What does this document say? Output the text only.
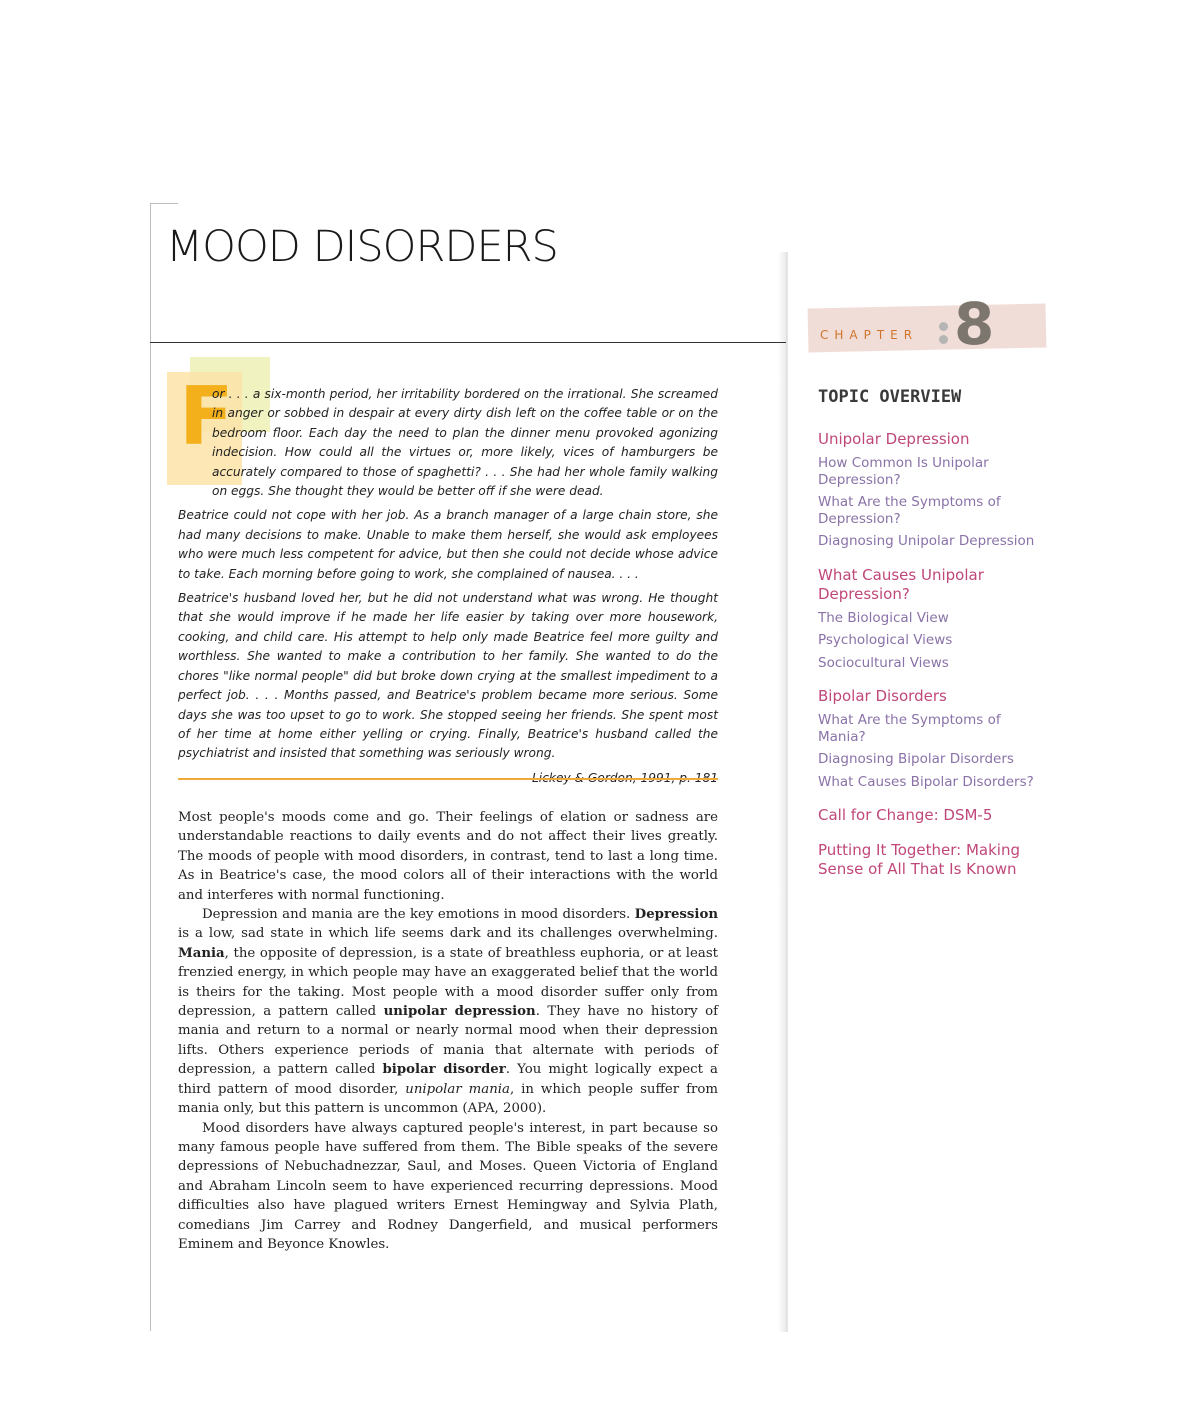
MOOD DISORDERS
F

or . . . a six-month period, her irritability bordered on the irrational. She screamed in anger or sobbed in despair at every dirty dish left on the coffee table or on the bedroom floor. Each day the need to plan the dinner menu provoked agonizing indecision. How could all the virtues or, more likely, vices of hamburgers be accurately compared to those of spaghetti? . . . She had her whole family walking on eggs. She thought they would be better off if she were dead.

Beatrice could not cope with her job. As a branch manager of a large chain store, she had many decisions to make. Unable to make them herself, she would ask employees who were much less competent for advice, but then she could not decide whose advice to take. Each morning before going to work, she complained of nausea. . . .

Beatrice's husband loved her, but he did not understand what was wrong. He thought that she would improve if he made her life easier by taking over more housework, cooking, and child care. His attempt to help only made Beatrice feel more guilty and worthless. She wanted to make a contribution to her family. She wanted to do the chores "like normal people" did but broke down crying at the smallest impediment to a perfect job. . . . Months passed, and Beatrice's problem became more serious. Some days she was too upset to go to work. She stopped seeing her friends. She spent most of her time at home either yelling or crying. Finally, Beatrice's husband called the psychiatrist and insisted that something was seriously wrong.

Most people's moods come and go. Their feelings of elation or sadness are understandable reactions to daily events and do not affect their lives greatly. The moods of people with mood disorders, in contrast, tend to last a long time. As in Beatrice's case, the mood colors all of their interactions with the world and interferes with normal functioning.

Depression and mania are the key emotions in mood disorders. Depression is a low, sad state in which life seems dark and its challenges overwhelming. Mania, the opposite of depression, is a state of breathless euphoria, or at least frenzied energy, in which people may have an exaggerated belief that the world is theirs for the taking. Most people with a mood disorder suffer only from depression, a pattern called unipolar depression. They have no history of mania and return to a normal or nearly normal mood when their depression lifts. Others experience periods of mania that alternate with periods of depression, a pattern called bipolar disorder. You might logically expect a third pattern of mood disorder, unipolar mania, in which people suffer from mania only, but this pattern is uncommon (APA, 2000).

Mood disorders have always captured people's interest, in part because so many famous people have suffered from them. The Bible speaks of the severe depressions of Nebuchadnezzar, Saul, and Moses. Queen Victoria of England and Abraham Lincoln seem to have experienced recurring depressions. Mood difficulties also have plagued writers Ernest Hemingway and Sylvia Plath, comedians Jim Carrey and Rodney Dangerfield, and musical performers Eminem and Beyonce Knowles.

CHAPTER 8
TOPIC OVERVIEW
Unipolar Depression
How Common Is Unipolar Depression?
What Are the Symptoms of Depression?
Diagnosing Unipolar Depression
What Causes Unipolar Depression?
The Biological View
Psychological Views
Sociocultural Views
Bipolar Disorders
What Are the Symptoms of Mania?
Diagnosing Bipolar Disorders
What Causes Bipolar Disorders?
Call for Change: DSM-5
Putting It Together: Making Sense of All That Is Known
